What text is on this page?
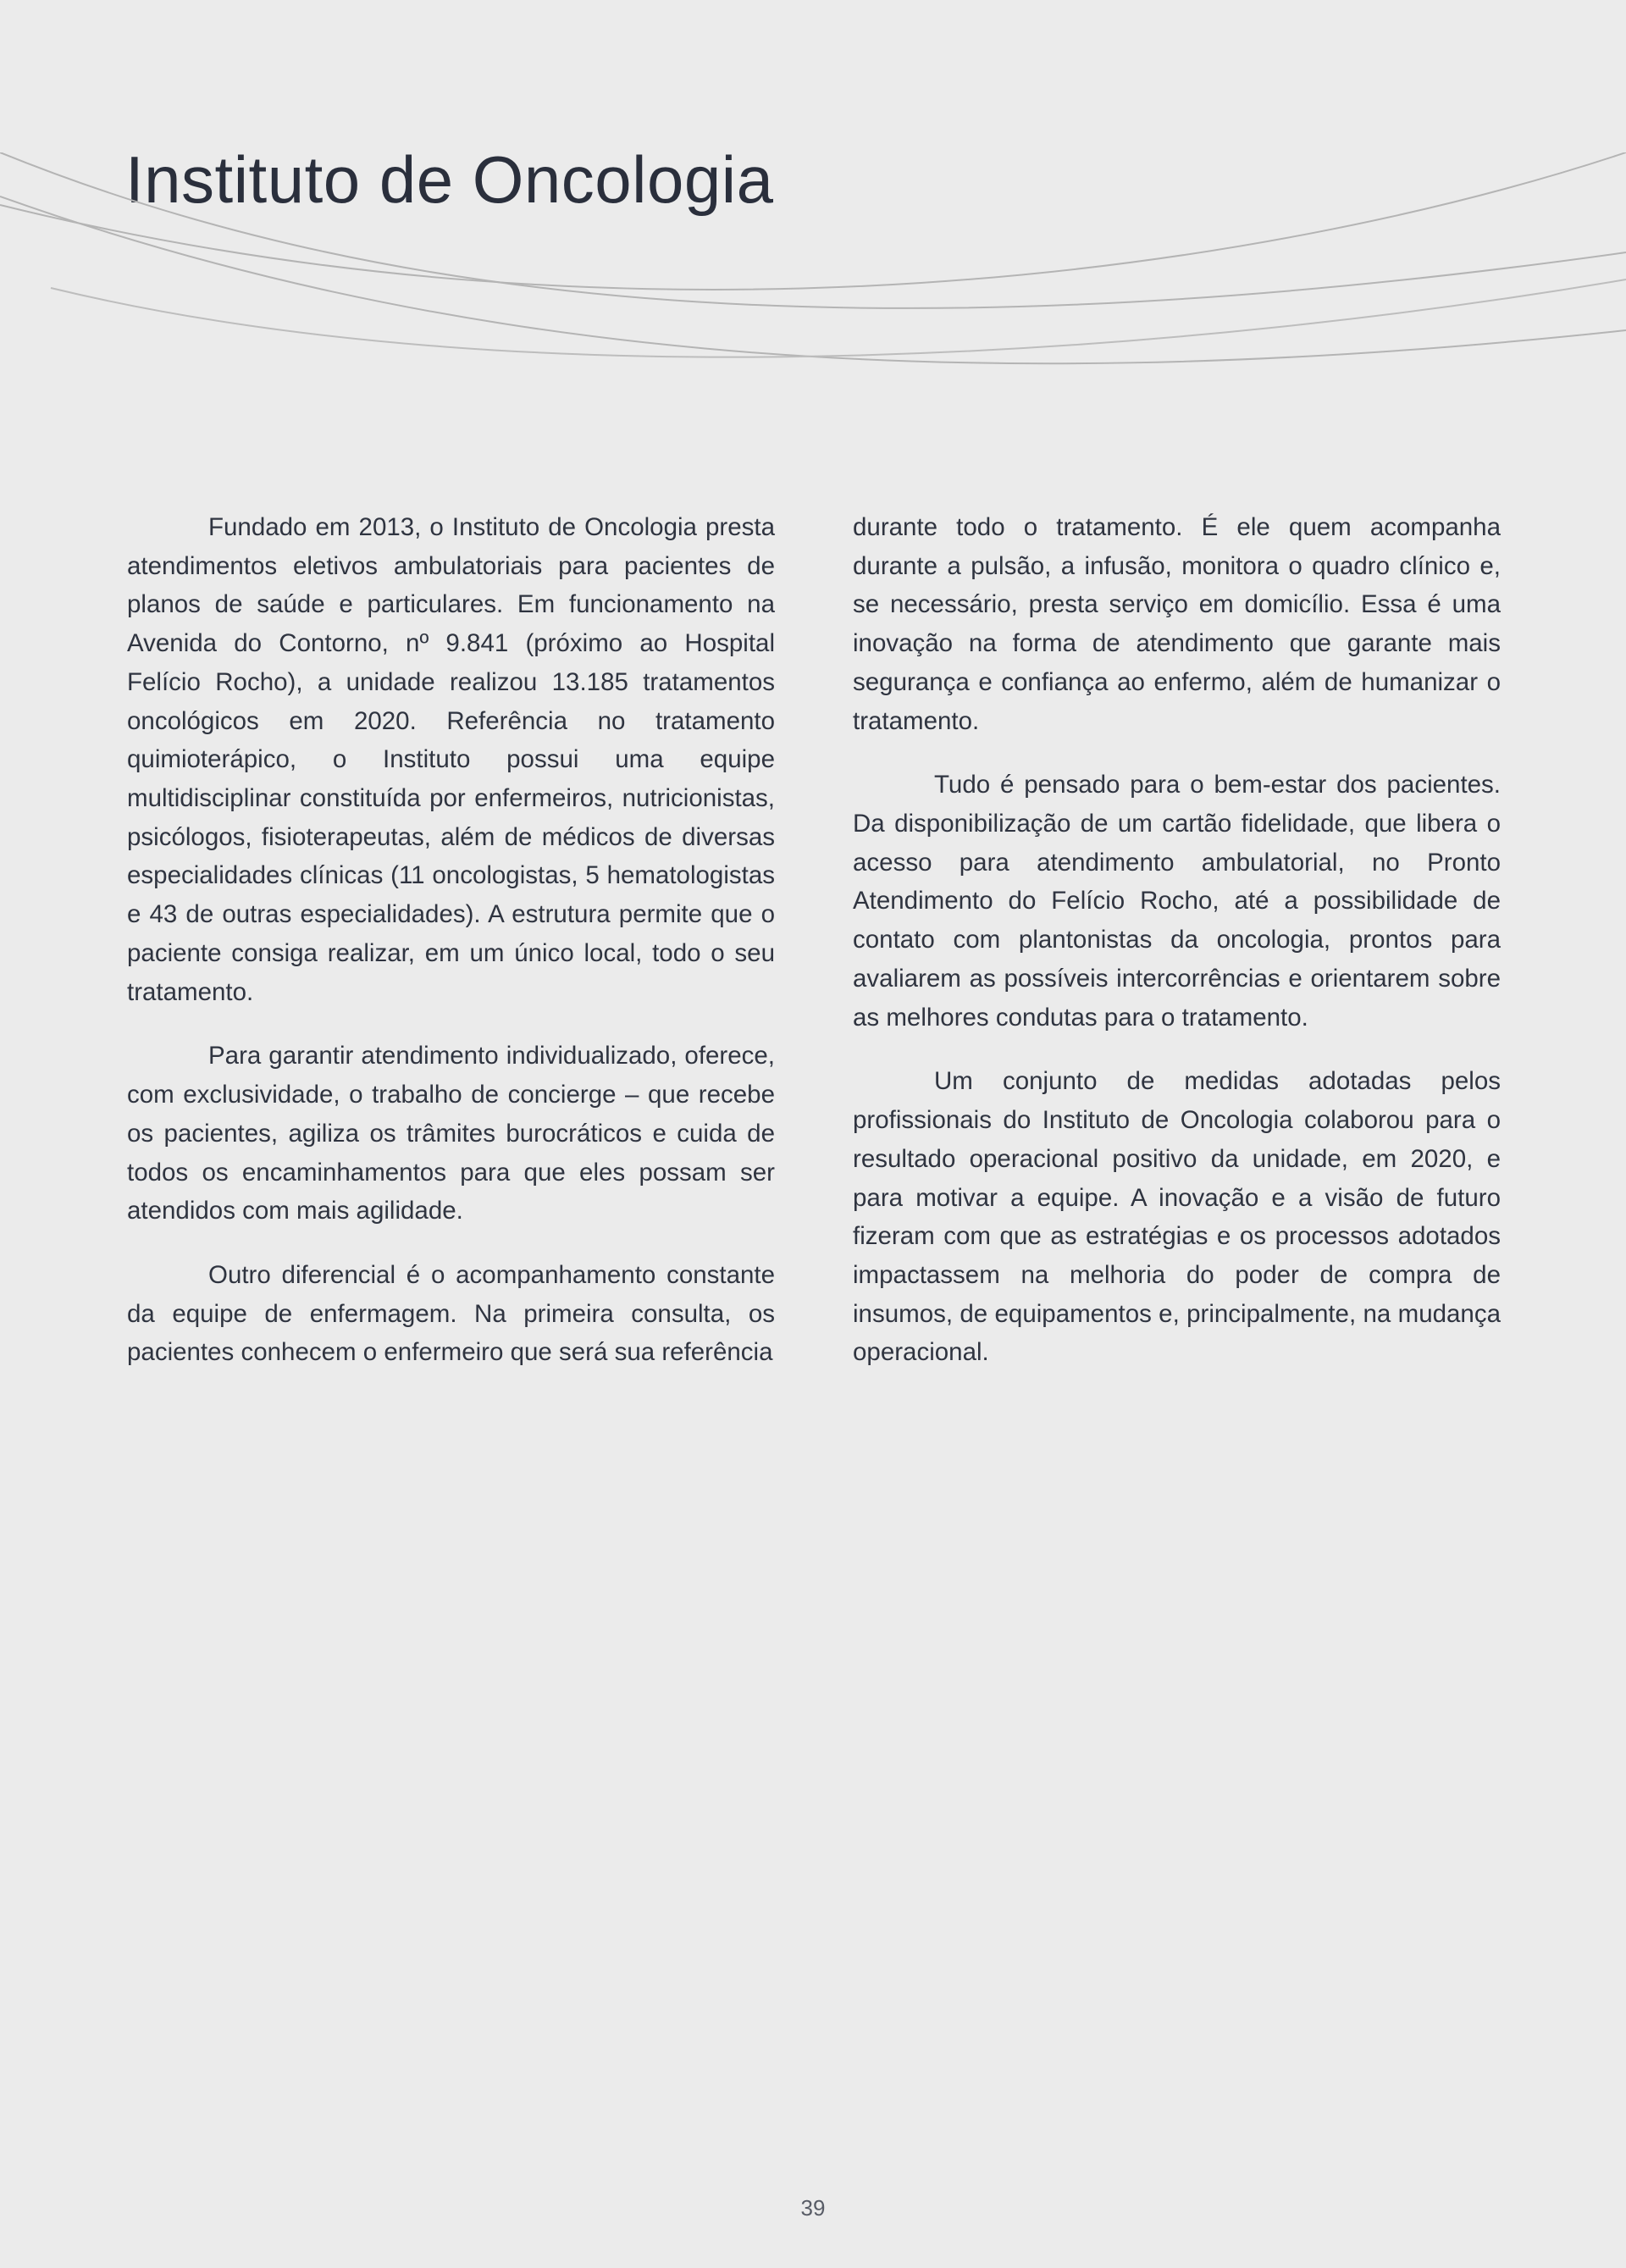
Instituto de Oncologia

Fundado em 2013, o Instituto de Oncologia presta atendimentos eletivos ambulatoriais para pacientes de planos de saúde e particulares. Em funcionamento na Avenida do Contorno, nº 9.841 (próximo ao Hospital Felício Rocho), a unidade realizou 13.185 tratamentos oncológicos em 2020. Referência no tratamento quimioterápico, o Instituto possui uma equipe multidisciplinar constituída por enfermeiros, nutricionistas, psicólogos, fisioterapeutas, além de médicos de diversas especialidades clínicas (11 oncologistas, 5 hematologistas e 43 de outras especialidades). A estrutura permite que o paciente consiga realizar, em um único local, todo o seu tratamento.

Para garantir atendimento individualizado, oferece, com exclusividade, o trabalho de concierge – que recebe os pacientes, agiliza os trâmites burocráticos e cuida de todos os encaminhamentos para que eles possam ser atendidos com mais agilidade.

Outro diferencial é o acompanhamento constante da equipe de enfermagem. Na primeira consulta, os pacientes conhecem o enfermeiro que será sua referência

durante todo o tratamento. É ele quem acompanha durante a pulsão, a infusão, monitora o quadro clínico e, se necessário, presta serviço em domicílio. Essa é uma inovação na forma de atendimento que garante mais segurança e confiança ao enfermo, além de humanizar o tratamento.

Tudo é pensado para o bem-estar dos pacientes. Da disponibilização de um cartão fidelidade, que libera o acesso para atendimento ambulatorial, no Pronto Atendimento do Felício Rocho, até a possibilidade de contato com plantonistas da oncologia, prontos para avaliarem as possíveis intercorrências e orientarem sobre as melhores condutas para o tratamento.

Um conjunto de medidas adotadas pelos profissionais do Instituto de Oncologia colaborou para o resultado operacional positivo da unidade, em 2020, e para motivar a equipe. A inovação e a visão de futuro fizeram com que as estratégias e os processos adotados impactassem na melhoria do poder de compra de insumos, de equipamentos e, principalmente, na mudança operacional.

39
